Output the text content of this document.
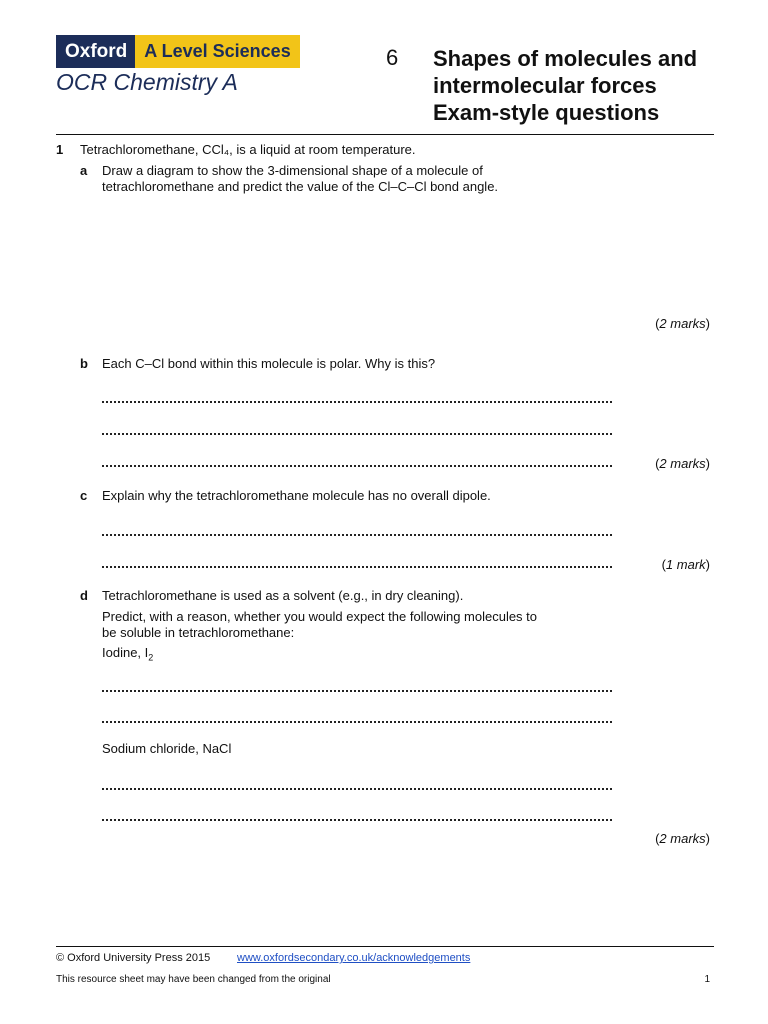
Oxford A Level Sciences
OCR Chemistry A
6 Shapes of molecules and
intermolecular forces
Exam-style questions
1 Tetrachloromethane, CCl₄, is a liquid at room temperature.
a Draw a diagram to show the 3-dimensional shape of a molecule of
tetrachloromethane and predict the value of the Cl–C–Cl bond angle.
(2 marks)
b Each C–Cl bond within this molecule is polar. Why is this?
(2 marks)
c Explain why the tetrachloromethane molecule has no overall dipole.
(1 mark)
d Tetrachloromethane is used as a solvent (e.g., in dry cleaning).
Predict, with a reason, whether you would expect the following molecules to
be soluble in tetrachloromethane:
Iodine, $I_2$
Sodium chloride, NaCl
(2 marks)
© Oxford University Press 2015 www.oxfordsecondary.co.uk/acknowledgements
This resource sheet may have been changed from the original	1
